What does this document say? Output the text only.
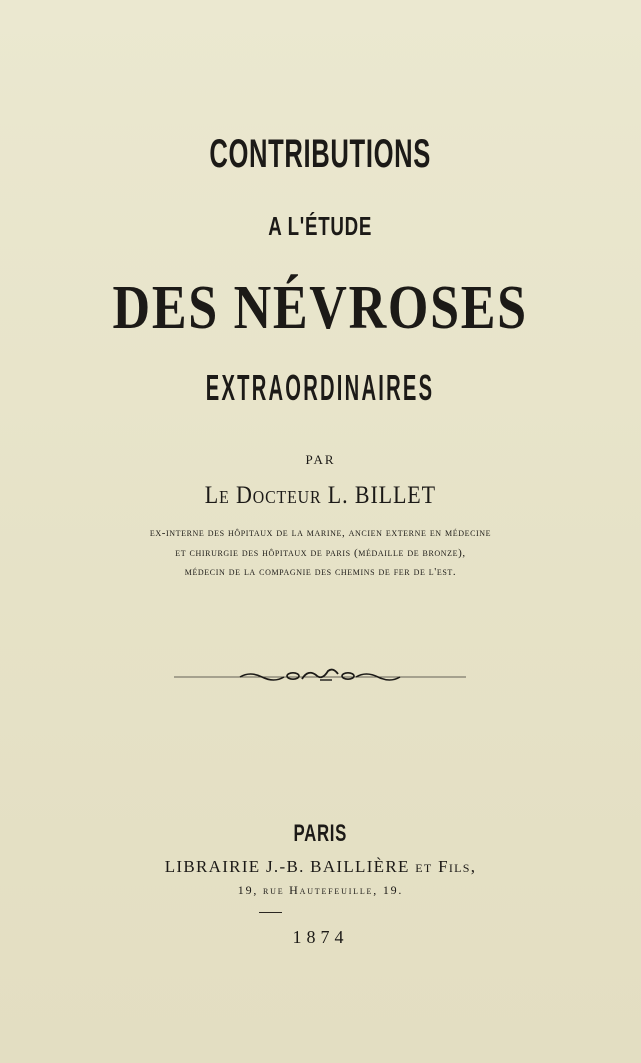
CONTRIBUTIONS
A L'ÉTUDE
DES NÉVROSES
EXTRAORDINAIRES
PAR
Le Docteur L. BILLET
ex-interne des hôpitaux de la marine, ancien externe en médecine
et chirurgie des hôpitaux de paris (médaille de bronze),
médecin de la compagnie des chemins de fer de l'est.
PARIS
LIBRAIRIE J.-B. BAILLIÈRE et Fils,
19, rue Hautefeuille, 19.
1874
